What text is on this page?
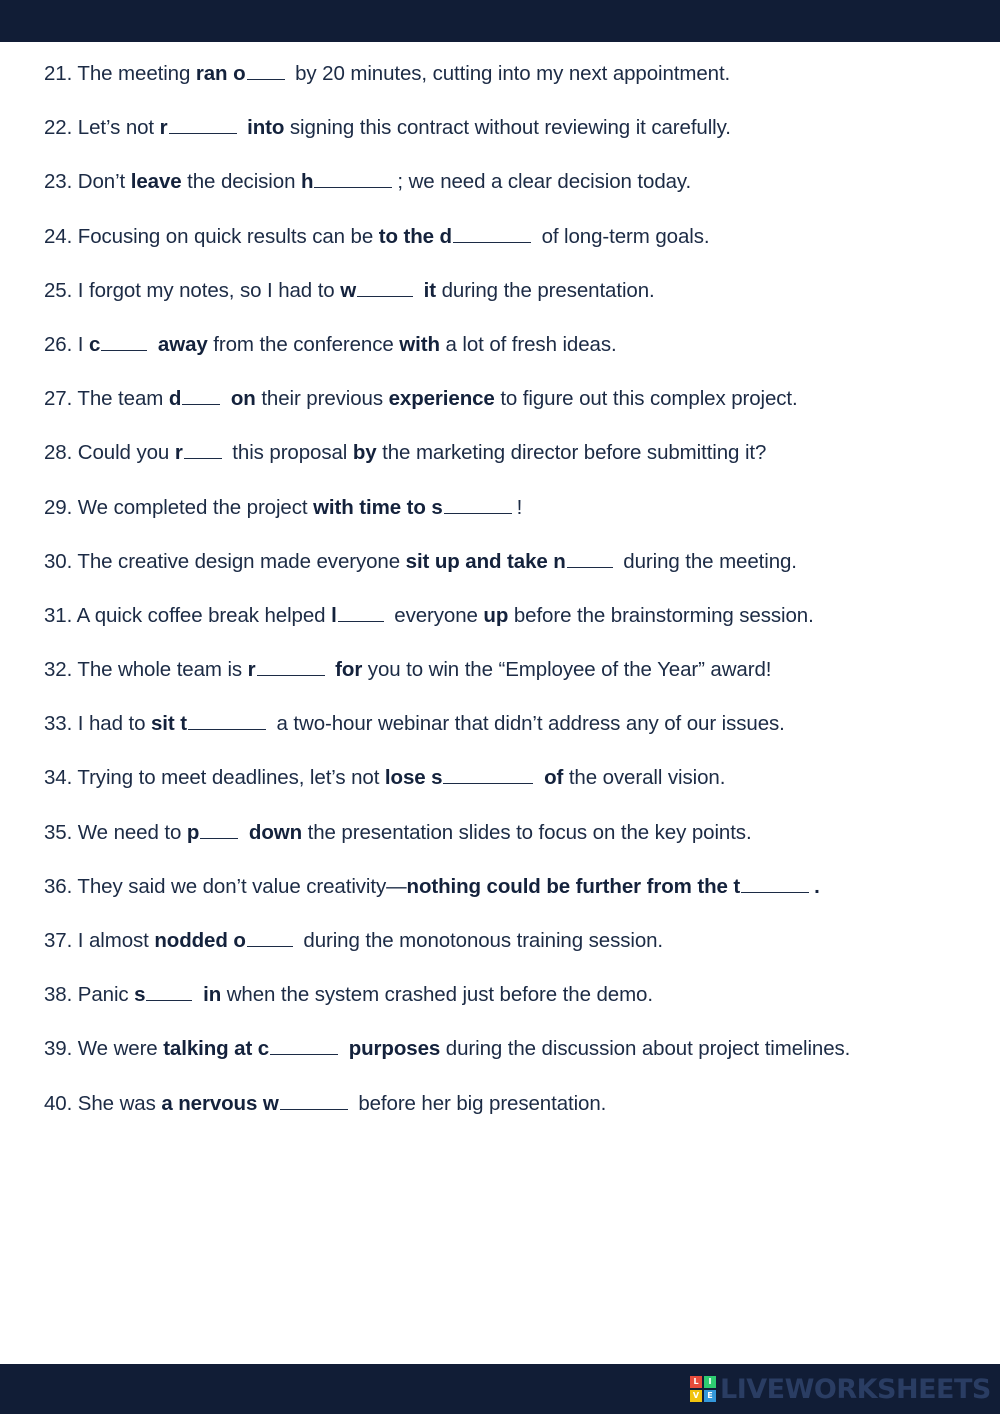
21. The meeting ran o by 20 minutes, cutting into my next appointment.
22. Let’s not r	into signing this contract without reviewing it carefully.
23. Don’t leave the decision h	; we need a clear decision today.
24. Focusing on quick results can be to the d	of long-term goals.
25. I forgot my notes, so I had to w	it during the presentation.
26. I c	away from the conference with a lot of fresh ideas.
27. The team d on their previous experience to figure out this complex project.
28. Could you r this proposal by the marketing director before submitting it?
29. We completed the project with time to s	!
30. The creative design made everyone sit up and take n	during the meeting.
31. A quick coffee break helped l	everyone up before the brainstorming session.
32. The whole team is r	for you to win the “Employee of the Year” award!
33. I had to sit t	a two-hour webinar that didn’t address any of our issues.
34. Trying to meet deadlines, let’s not lose s	of the overall vision.
35. We need to p down the presentation slides to focus on the key points.
36. They said we don’t value creativity—nothing could be further from the t	.
37. I almost nodded o	during the monotonous training session.
38. Panic s	in when the system crashed just before the demo.
39. We were talking at c	purposes during the discussion about project timelines.
40. She was a nervous w	before her big presentation.
L	I
V	E LIVEWORKSHEETS
